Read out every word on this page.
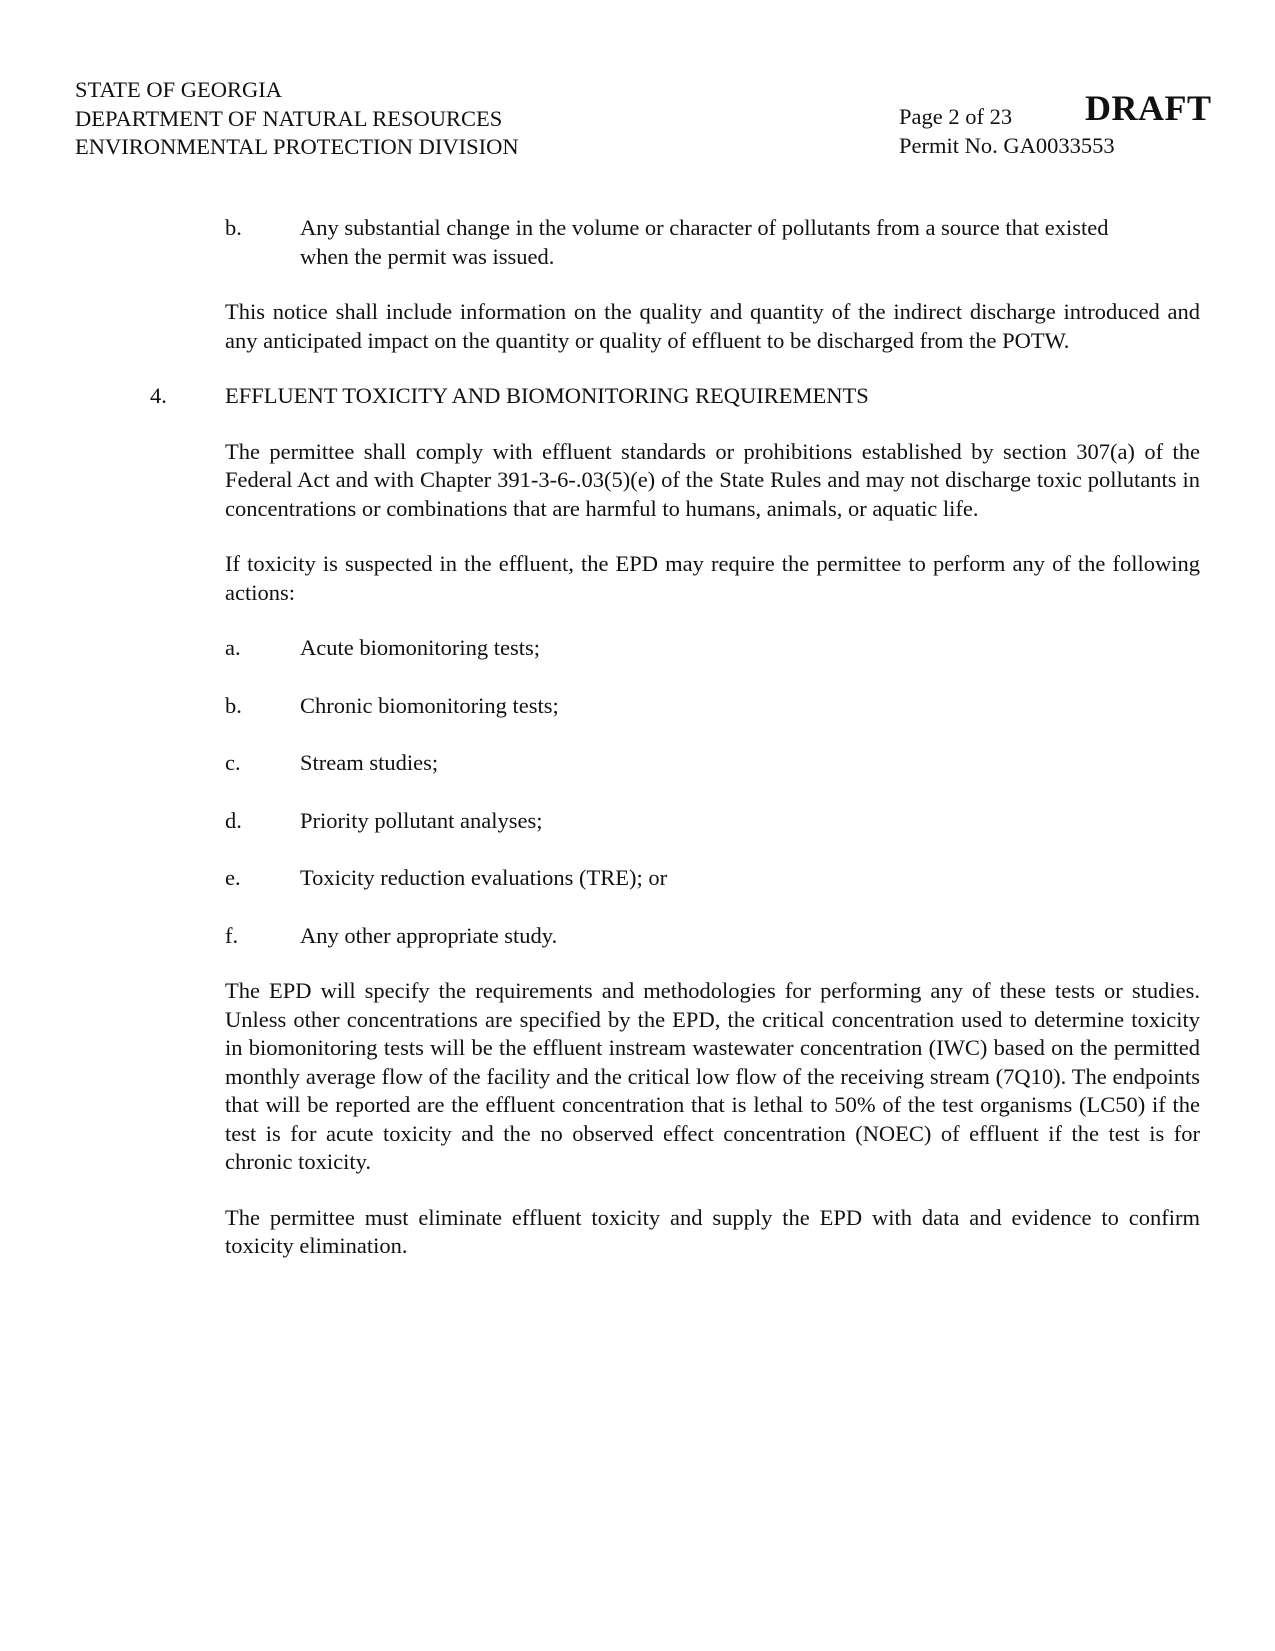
STATE OF GEORGIA
DEPARTMENT OF NATURAL RESOURCES
ENVIRONMENTAL PROTECTION DIVISION
Page 2 of 23
Permit No. GA0033553
DRAFT
b.	Any substantial change in the volume or character of pollutants from a source that existed
when the permit was issued.
This notice shall include information on the quality and quantity of the indirect discharge introduced and any anticipated impact on the quantity or quality of effluent to be discharged from the POTW.
4.	EFFLUENT TOXICITY AND BIOMONITORING REQUIREMENTS
The permittee shall comply with effluent standards or prohibitions established by section 307(a) of the Federal Act and with Chapter 391-3-6-.03(5)(e) of the State Rules and may not discharge toxic pollutants in concentrations or combinations that are harmful to humans, animals, or aquatic life.
If toxicity is suspected in the effluent, the EPD may require the permittee to perform any of the following actions:
a.	Acute biomonitoring tests;
b.	Chronic biomonitoring tests;
c.	Stream studies;
d.	Priority pollutant analyses;
e.	Toxicity reduction evaluations (TRE); or
f.	Any other appropriate study.
The EPD will specify the requirements and methodologies for performing any of these tests or studies. Unless other concentrations are specified by the EPD, the critical concentration used to determine toxicity in biomonitoring tests will be the effluent instream wastewater concentration (IWC) based on the permitted monthly average flow of the facility and the critical low flow of the receiving stream (7Q10). The endpoints that will be reported are the effluent concentration that is lethal to 50% of the test organisms (LC50) if the test is for acute toxicity and the no observed effect concentration (NOEC) of effluent if the test is for chronic toxicity.
The permittee must eliminate effluent toxicity and supply the EPD with data and evidence to confirm toxicity elimination.
